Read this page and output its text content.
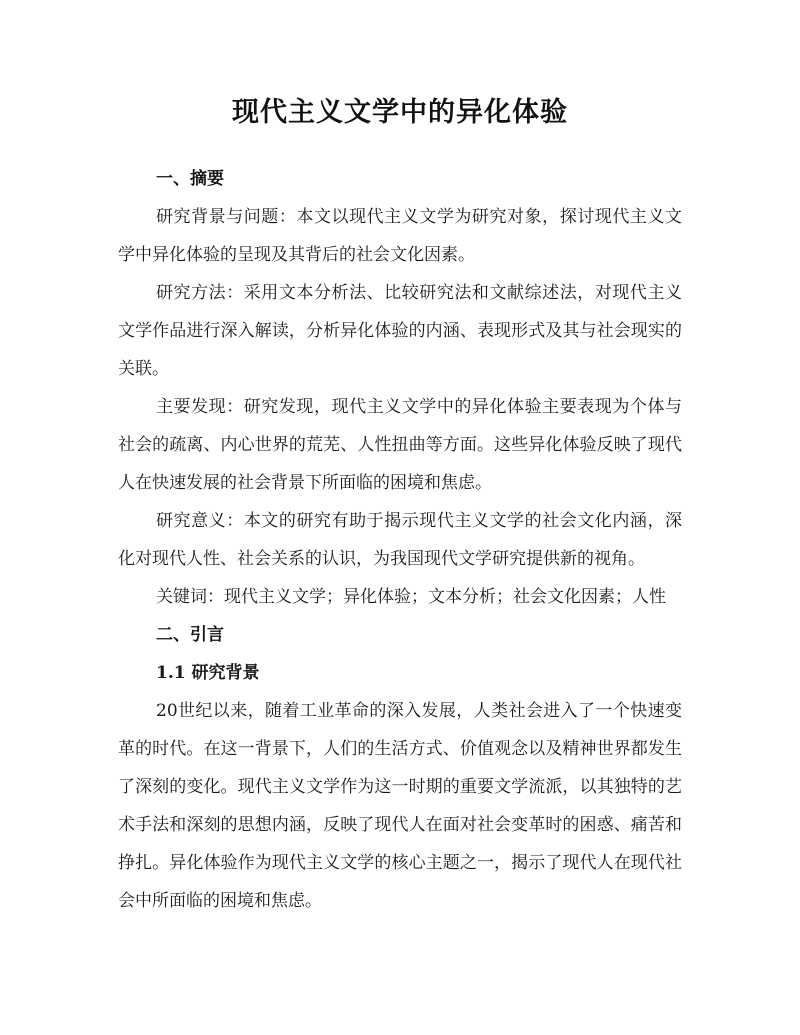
现代主义文学中的异化体验
一、摘要

研究背景与问题：本文以现代主义文学为研究对象，探讨现代主义文学中异化体验的呈现及其背后的社会文化因素。

研究方法：采用文本分析法、比较研究法和文献综述法，对现代主义文学作品进行深入解读，分析异化体验的内涵、表现形式及其与社会现实的关联。

主要发现：研究发现，现代主义文学中的异化体验主要表现为个体与社会的疏离、内心世界的荒芜、人性扭曲等方面。这些异化体验反映了现代人在快速发展的社会背景下所面临的困境和焦虑。

研究意义：本文的研究有助于揭示现代主义文学的社会文化内涵，深化对现代人性、社会关系的认识，为我国现代文学研究提供新的视角。

关键词：现代主义文学；异化体验；文本分析；社会文化因素；人性

二、引言
1.1 研究背景

20世纪以来，随着工业革命的深入发展，人类社会进入了一个快速变革的时代。在这一背景下，人们的生活方式、价值观念以及精神世界都发生了深刻的变化。现代主义文学作为这一时期的重要文学流派，以其独特的艺术手法和深刻的思想内涵，反映了现代人在面对社会变革时的困惑、痛苦和挣扎。异化体验作为现代主义文学的核心主题之一，揭示了现代人在现代社会中所面临的困境和焦虑。
